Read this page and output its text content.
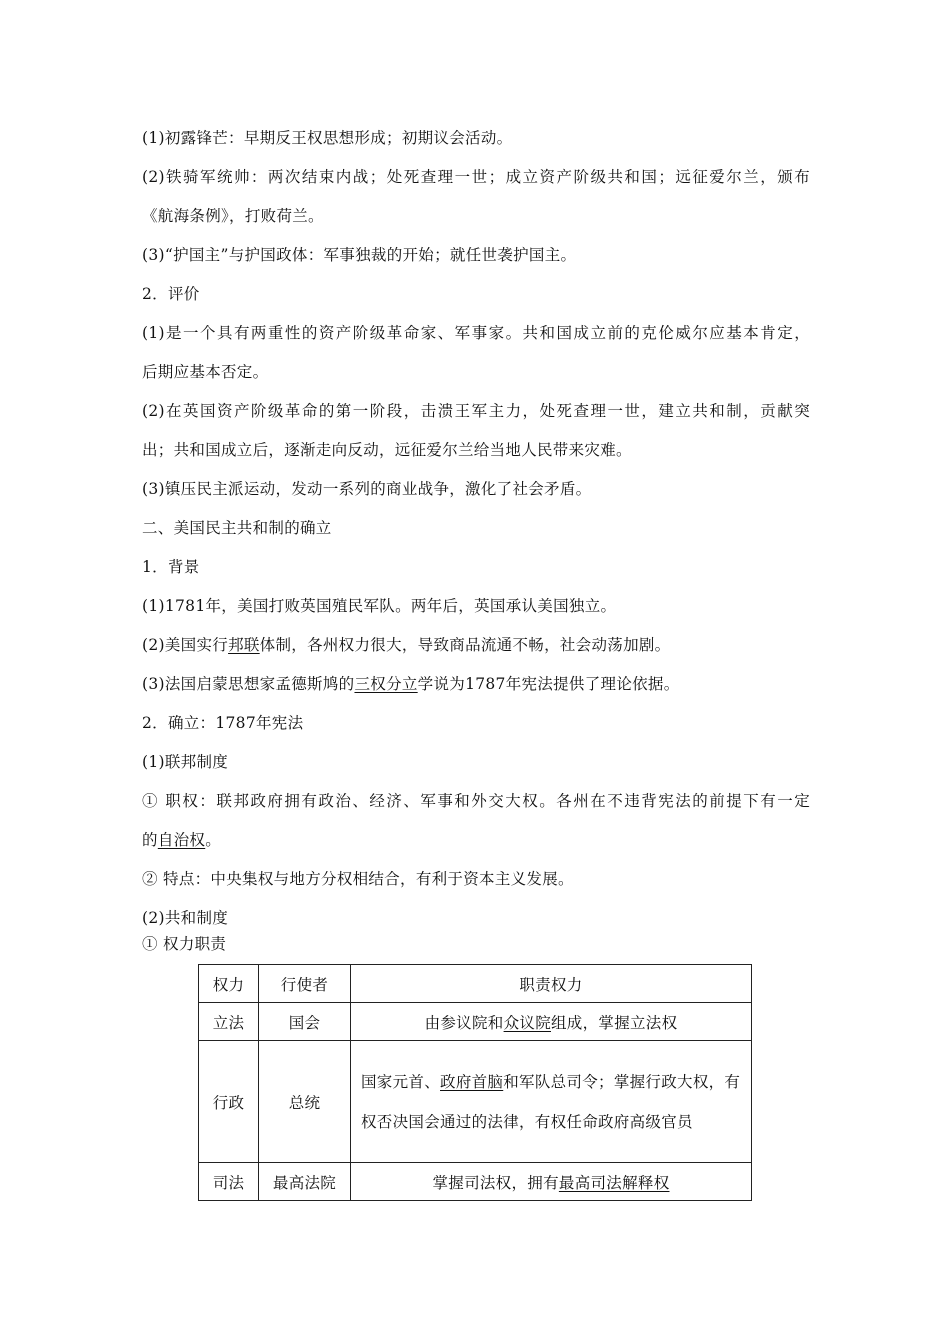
(1)初露锋芒：早期反王权思想形成；初期议会活动。
(2)铁骑军统帅：两次结束内战；处死查理一世；成立资产阶级共和国；远征爱尔兰，颁布
《航海条例》，打败荷兰。
(3)“护国主”与护国政体：军事独裁的开始；就任世袭护国主。
2．评价
(1)是一个具有两重性的资产阶级革命家、军事家。共和国成立前的克伦威尔应基本肯定，
后期应基本否定。
(2)在英国资产阶级革命的第一阶段，击溃王军主力，处死查理一世，建立共和制，贡献突
出；共和国成立后，逐渐走向反动，远征爱尔兰给当地人民带来灾难。
(3)镇压民主派运动，发动一系列的商业战争，激化了社会矛盾。
二、美国民主共和制的确立
1．背景
(1)1781年，美国打败英国殖民军队。两年后，英国承认美国独立。
(2)美国实行邦联体制，各州权力很大，导致商品流通不畅，社会动荡加剧。
(3)法国启蒙思想家孟德斯鸠的三权分立学说为1787年宪法提供了理论依据。
2．确立：1787年宪法
(1)联邦制度
① 职权：联邦政府拥有政治、经济、军事和外交大权。各州在不违背宪法的前提下有一定
的自治权。
② 特点：中央集权与地方分权相结合，有利于资本主义发展。
(2)共和制度
① 权力职责
权力	行使者	职责权力
立法	国会	由参议院和众议院组成，掌握立法权
行政	总统	国家元首、政府首脑和军队总司令；掌握行政大权，有权否决国会通过的法律，有权任命政府高级官员
司法	最高法院	掌握司法权，拥有最高司法解释权
